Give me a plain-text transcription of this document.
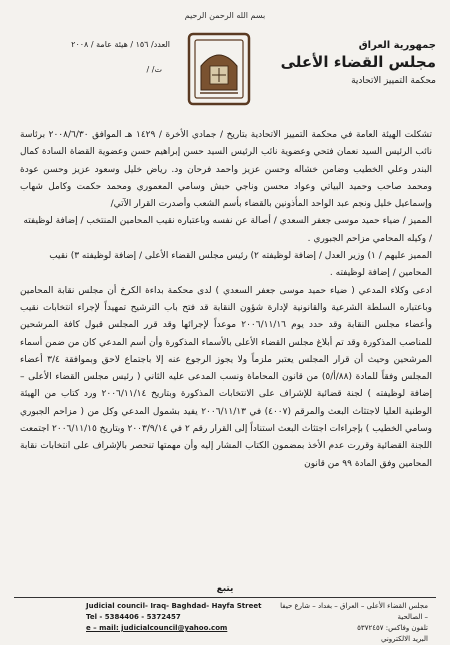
بسم الله الرحمن الرحيم
العدد/ ١٥٦ / هيئة عامة / ٢٠٠٨
ت/ /
جمهورية العراق
مجلس القضاء الأعلى
محكمة التمييز الاتحادية

تشكلت الهيئة العامة في محكمة التمييز الاتحادية بتاريخ / جمادي الأخرة / ١٤٢٩ هـ الموافق ٢٠٠٨/٦/٣٠ برئاسة نائب الرئيس السيد نعمان فتحي وعضوية نائب الرئيس السيد حسن إبراهيم حسن وعضوية القضاة السادة كمال البندر وعلي الخطيب وضامن خشاله وحسن عزيز واحمد فرحان ود. رياض خليل وسعود عزيز وحسن عودة ومحمد صاحب وحميد البياتي وعواد محسن وناجي حبش وسامي المعموري ومحمد حكمت وكامل شهاب وإسماعيل خليل ونجم عبد الواحد المأذونين بالقضاء بأسم الشعب وأصدرت القرار الآتي/

المميز / ضياء حميد موسى جعفر السعدي / أصالة عن نفسه وباعتباره نقيب المحامين المنتخب / إضافة لوظيفته / وكيله المحامي مزاحم الجبوري .

المميز عليهم / ١) وزير العدل / إضافة لوظيفته ٢) رئيس مجلس القضاء الأعلى / إضافة لوظيفته ٣) نقيب المحامين / إضافة لوظيفته .

ادعى وكلاء المدعي ( ضياء حميد موسى جعفر السعدي ) لدى محكمة بداءة الكرخ أن مجلس نقابة المحامين وباعتباره السلطة الشرعية والقانونية لإدارة شؤون النقابة قد فتح باب الترشيح تمهيداً لإجراء انتخابات نقيب وأعضاء مجلس النقابة وقد حدد يوم ٢٠٠٦/١١/١٦ موعداً لإجرائها وقد قرر المجلس قبول كافة المرشحين للمناصب المذكورة وقد تم أبلاغ مجلس القضاء الأعلى بالأسماء المذكورة وأن أسم المدعي كان من ضمن أسماء المرشحين وحيث أن قرار المجلس يعتبر ملزماً ولا يجوز الرجوع عنه إلا باجتماع لاحق وبموافقة ٣/٤ أعضاء المجلس وفقاً للمادة (٨٨/أ/٥) من قانون المحاماة ونسب المدعى عليه الثاني ( رئيس مجلس القضاء الأعلى – إضافة لوظيفته ) لجنة قضائية للإشراف على الانتخابات المذكورة وبتاريخ ٢٠٠٦/١١/١٤ ورد كتاب من الهيئة الوطنية العليا لاجتثاث البعث والمرقم (٤٠٠٧) في ٢٠٠٦/١١/١٣ يفيد بشمول المدعي وكل من ( مزاحم الجبوري وسامي الخطيب ) بإجراءات اجتثاث البعث استناداً إلى القرار رقم ٢ في ٢٠٠٣/٩/١٤ وبتاريخ ٢٠٠٦/١١/١٥ اجتمعت اللجنة القضائية وقررت عدم الأخذ بمضمون الكتاب المشار إليه وأن مهمتها تنحصر بالإشراف على انتخابات نقابة المحامين وفق المادة ٩٩ من قانون

يتبع
Judicial council- Iraq- Baghdad- Hayfa Street
Tel - 5384406 - 5372457
e – mail: judicialcouncil@yahoo.com
مجلس القضاء الأعلى – العراق – بغداد – شارع حيفا – الصالحية
تلفون وفاكس: ٥٣٧٢٤٥٧
البريد الالكتروني
